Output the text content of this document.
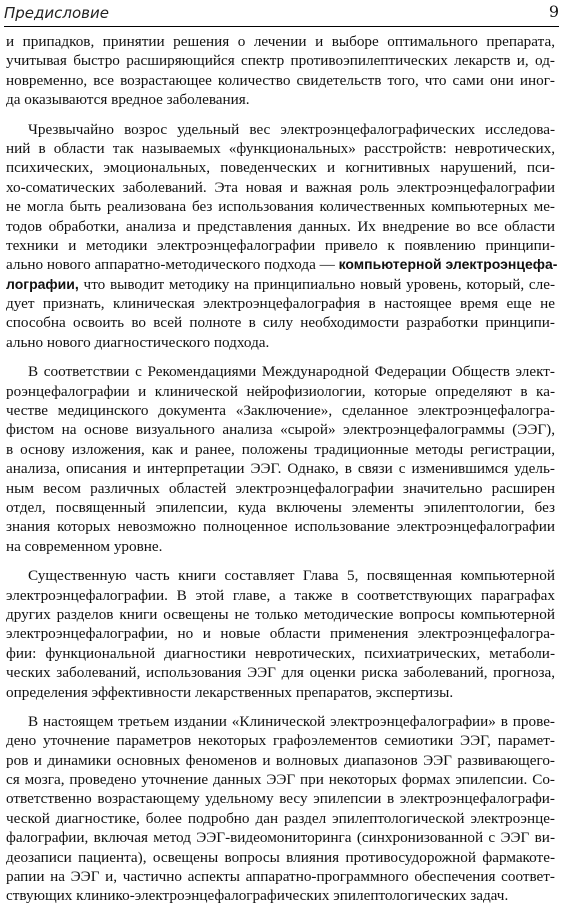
Предисловие	9
и припадков, принятии решения о лечении и выборе оптимального препарата,
учитывая быстро расширяющийся спектр противоэпилептических лекарств и, од-
новременно, все возрастающее количество свидетельств того, что сами они иног-
да оказываются вредное заболевания.
Чрезвычайно возрос удельный вес электроэнцефалографических исследова-
ний в области так называемых «функциональных» расстройств: невротических,
психических, эмоциональных, поведенческих и когнитивных нарушений, пси-
хо-соматических заболеваний. Эта новая и важная роль электроэнцефалографии
не могла быть реализована без использования количественных компьютерных ме-
тодов обработки, анализа и представления данных. Их внедрение во все области
техники и методики электроэнцефалографии привело к появлению принципи-
ально нового аппаратно-методического подхода — компьютерной электроэнцефа-
лографии, что выводит методику на принципиально новый уровень, который, сле-
дует признать, клиническая электроэнцефалография в настоящее время еще не
способна освоить во всей полноте в силу необходимости разработки принципи-
ально нового диагностического подхода.
В соответствии с Рекомендациями Международной Федерации Обществ элект-
роэнцефалографии и клинической нейрофизиологии, которые определяют в ка-
честве медицинского документа «Заключение», сделанное электроэнцефалогра-
фистом на основе визуального анализа «сырой» электроэнцефалограммы (ЭЭГ),
в основу изложения, как и ранее, положены традиционные методы регистрации,
анализа, описания и интерпретации ЭЭГ. Однако, в связи с изменившимся удель-
ным весом различных областей электроэнцефалографии значительно расширен
отдел, посвященный эпилепсии, куда включены элементы эпилептологии, без
знания которых невозможно полноценное использование электроэнцефалографии
на современном уровне.
Существенную часть книги составляет Глава 5, посвященная компьютерной
электроэнцефалографии. В этой главе, а также в соответствующих параграфах
других разделов книги освещены не только методические вопросы компьютерной
электроэнцефалографии, но и новые области применения электроэнцефалогра-
фии: функциональной диагностики невротических, психиатрических, метаболи-
ческих заболеваний, использования ЭЭГ для оценки риска заболеваний, прогноза,
определения эффективности лекарственных препаратов, экспертизы.
В настоящем третьем издании «Клинической электроэнцефалографии» в прове-
дено уточнение параметров некоторых графоэлементов семиотики ЭЭГ, парамет-
ров и динамики основных феноменов и волновых диапазонов ЭЭГ развивающего-
ся мозга, проведено уточнение данных ЭЭГ при некоторых формах эпилепсии. Со-
ответственно возрастающему удельному весу эпилепсии в электроэнцефалографи-
ческой диагностике, более подробно дан раздел эпилептологической электроэнце-
фалографии, включая метод ЭЭГ-видеомониторинга (синхронизованной с ЭЭГ ви-
деозаписи пациента), освещены вопросы влияния противосудорожной фармакоте-
рапии на ЭЭГ и, частично аспекты аппаратно-программного обеспечения соответ-
ствующих клинико-электроэнцефалографических эпилептологических задач.
